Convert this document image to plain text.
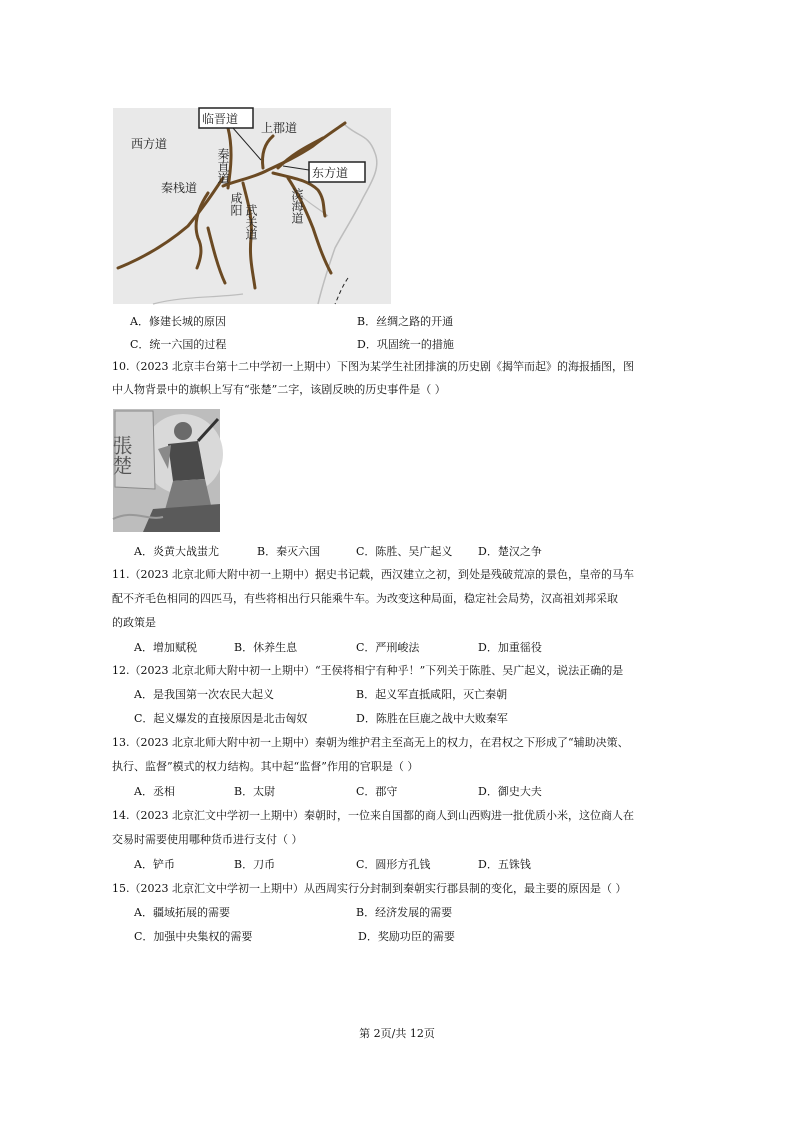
临晋道
东方道
上郡道
西方道
秦栈道
秦直道
咸阳 武关道	滨海道
A．修建长城的原因	B．丝绸之路的开通
C．统一六国的过程	D．巩固统一的措施
10.（2023 北京丰台第十二中学初一上期中）下图为某学生社团排演的历史剧《揭竿而起》的海报插图，图
中人物背景中的旗帜上写有“张楚”二字，该剧反映的历史事件是（ ）
張楚
A．炎黄大战蚩尤	B．秦灭六国	C．陈胜、吴广起义 D．楚汉之争
11.（2023 北京北师大附中初一上期中）据史书记载，西汉建立之初，到处是残破荒凉的景色，皇帝的马车
配不齐毛色相同的四匹马，有些将相出行只能乘牛车。为改变这种局面，稳定社会局势，汉高祖刘邦采取
的政策是
A．增加赋税	B．休养生息	C．严刑峻法	D．加重徭役
12.（2023 北京北师大附中初一上期中）“王侯将相宁有种乎！”下列关于陈胜、吴广起义，说法正确的是
A．是我国第一次农民大起义	B．起义军直抵咸阳，灭亡秦朝
C．起义爆发的直接原因是北击匈奴	D．陈胜在巨鹿之战中大败秦军
13.（2023 北京北师大附中初一上期中）秦朝为维护君主至高无上的权力，在君权之下形成了“辅助决策、
执行、监督”模式的权力结构。其中起“监督”作用的官职是（ ）
A．丞相	B．太尉	C．郡守	D．御史大夫
14.（2023 北京汇文中学初一上期中）秦朝时，一位来自国都的商人到山西购进一批优质小米，这位商人在
交易时需要使用哪种货币进行支付（ ）
A．铲币	B．刀币	C．圆形方孔钱	D．五铢钱
15.（2023 北京汇文中学初一上期中）从西周实行分封制到秦朝实行郡县制的变化，最主要的原因是（ ）
A．疆域拓展的需要	B．经济发展的需要
C．加强中央集权的需要	D．奖励功臣的需要
第 2页/共 12页
